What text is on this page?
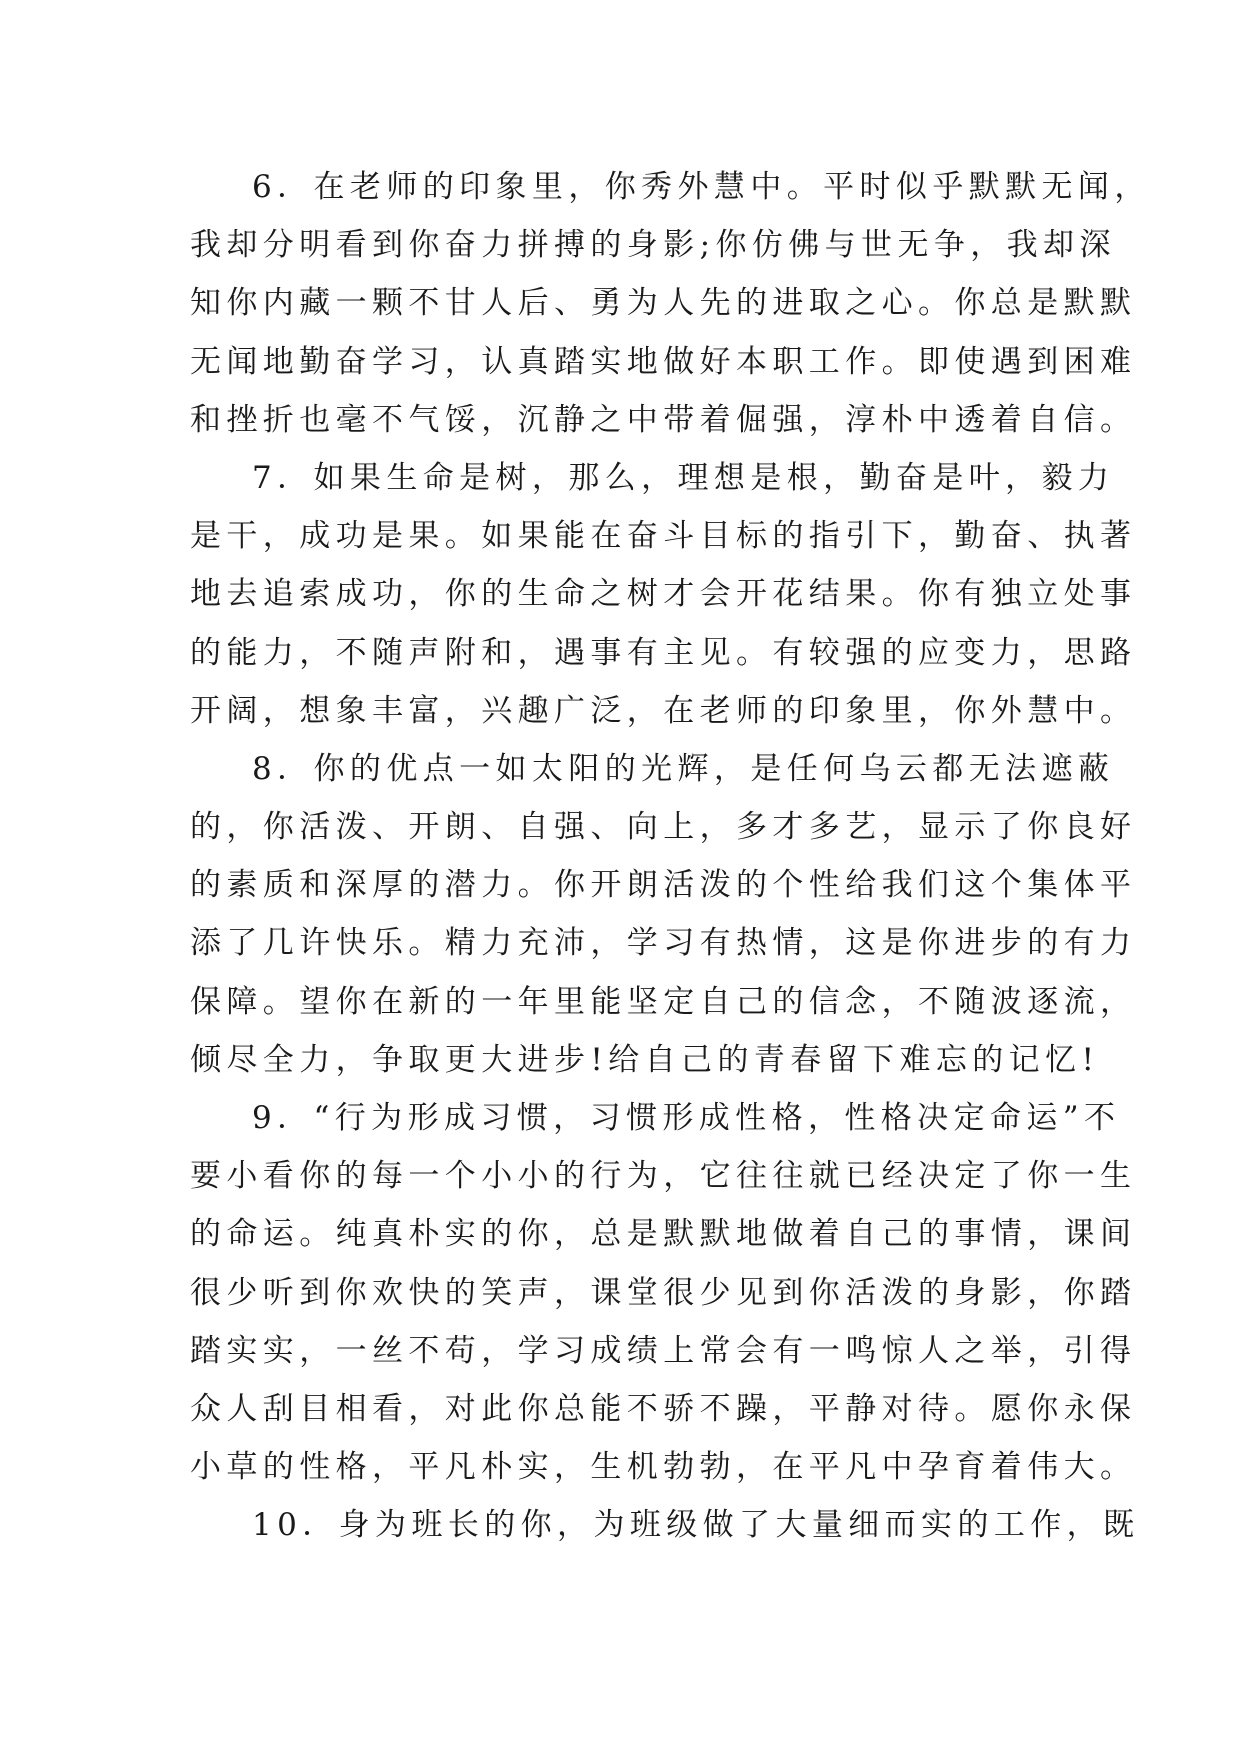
6．在老师的印象里，你秀外慧中。平时似乎默默无闻，
我却分明看到你奋力拼搏的身影;你仿佛与世无争，我却深
知你内藏一颗不甘人后、勇为人先的进取之心。你总是默默
无闻地勤奋学习，认真踏实地做好本职工作。即使遇到困难
和挫折也毫不气馁，沉静之中带着倔强，淳朴中透着自信。
7．如果生命是树，那么，理想是根，勤奋是叶，毅力
是干，成功是果。如果能在奋斗目标的指引下，勤奋、执著
地去追索成功，你的生命之树才会开花结果。你有独立处事
的能力，不随声附和，遇事有主见。有较强的应变力，思路
开阔，想象丰富，兴趣广泛，在老师的印象里，你外慧中。
8．你的优点一如太阳的光辉，是任何乌云都无法遮蔽
的，你活泼、开朗、自强、向上，多才多艺，显示了你良好
的素质和深厚的潜力。你开朗活泼的个性给我们这个集体平
添了几许快乐。精力充沛，学习有热情，这是你进步的有力
保障。望你在新的一年里能坚定自己的信念，不随波逐流，
倾尽全力，争取更大进步!给自己的青春留下难忘的记忆!
9．“行为形成习惯，习惯形成性格，性格决定命运”不
要小看你的每一个小小的行为，它往往就已经决定了你一生
的命运。纯真朴实的你，总是默默地做着自己的事情，课间
很少听到你欢快的笑声，课堂很少见到你活泼的身影，你踏
踏实实，一丝不苟，学习成绩上常会有一鸣惊人之举，引得
众人刮目相看，对此你总能不骄不躁，平静对待。愿你永保
小草的性格，平凡朴实，生机勃勃，在平凡中孕育着伟大。
10．身为班长的你，为班级做了大量细而实的工作，既
